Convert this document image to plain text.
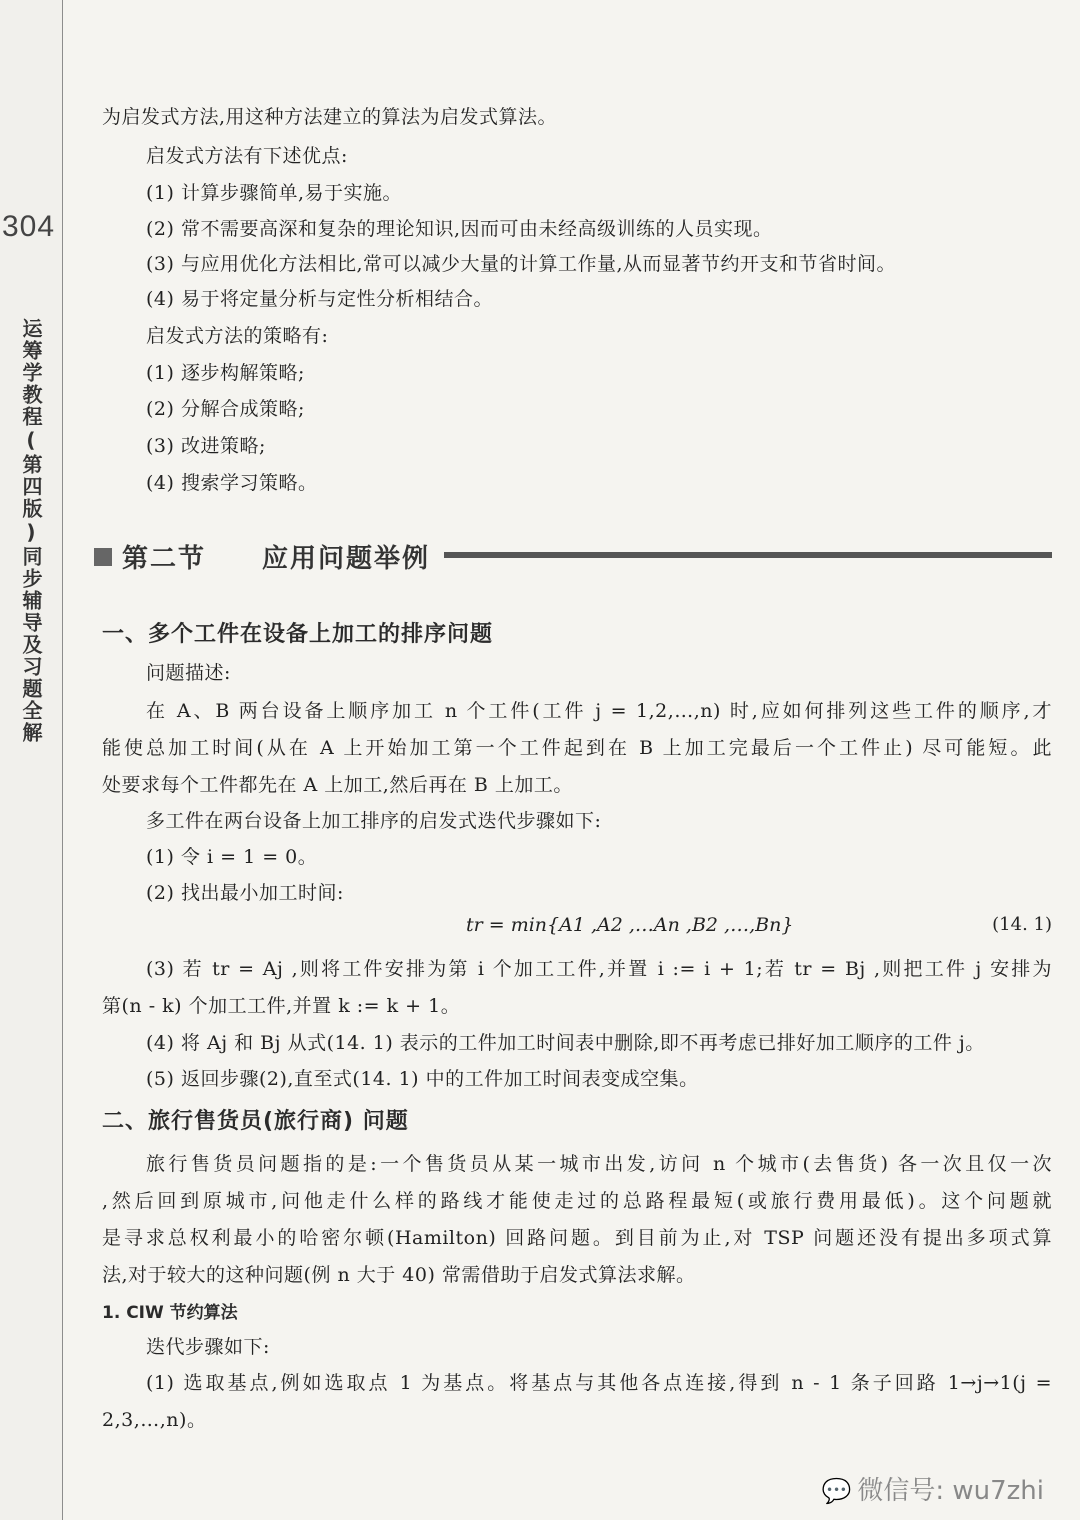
304
运筹学教程(第四版)同步辅导及习题全解
为启发式方法,用这种方法建立的算法为启发式算法。
启发式方法有下述优点:
(1) 计算步骤简单,易于实施。
(2) 常不需要高深和复杂的理论知识,因而可由未经高级训练的人员实现。
(3) 与应用优化方法相比,常可以减少大量的计算工作量,从而显著节约开支和节省时间。
(4) 易于将定量分析与定性分析相结合。
启发式方法的策略有:
(1) 逐步构解策略;
(2) 分解合成策略;
(3) 改进策略;
(4) 搜索学习策略。
第二节　　应用问题举例
一、多个工件在设备上加工的排序问题
问题描述:
在 A、B 两台设备上顺序加工 n 个工件(工件 j = 1,2,…,n) 时,应如何排列这些工件的顺序,才
能使总加工时间(从在 A 上开始加工第一个工件起到在 B 上加工完最后一个工件止) 尽可能短。此
处要求每个工件都先在 A 上加工,然后再在 B 上加工。
多工件在两台设备上加工排序的启发式迭代步骤如下:
(1) 令 i = 1 = 0。
(2) 找出最小加工时间:
tr = min{A1 ,A2 ,…An ,B2 ,…,Bn}	(14. 1)
(3) 若 tr = Aj ,则将工件安排为第 i 个加工工件,并置 i := i + 1;若 tr = Bj ,则把工件 j 安排为
第(n - k) 个加工工件,并置 k := k + 1。
(4) 将 Aj 和 Bj 从式(14. 1) 表示的工件加工时间表中删除,即不再考虑已排好加工顺序的工件 j。
(5) 返回步骤(2),直至式(14. 1) 中的工件加工时间表变成空集。
二、旅行售货员(旅行商) 问题
旅行售货员问题指的是:一个售货员从某一城市出发,访问 n 个城市(去售货) 各一次且仅一次
,然后回到原城市,问他走什么样的路线才能使走过的总路程最短(或旅行费用最低)。这个问题就
是寻求总权利最小的哈密尔顿(Hamilton) 回路问题。到目前为止,对 TSP 问题还没有提出多项式算
法,对于较大的这种问题(例 n 大于 40) 常需借助于启发式算法求解。
1. CIW 节约算法
迭代步骤如下:
(1) 选取基点,例如选取点 1 为基点。将基点与其他各点连接,得到 n - 1 条子回路 1→j→1(j =
2,3,…,n)。
💬 微信号: wu7zhi
